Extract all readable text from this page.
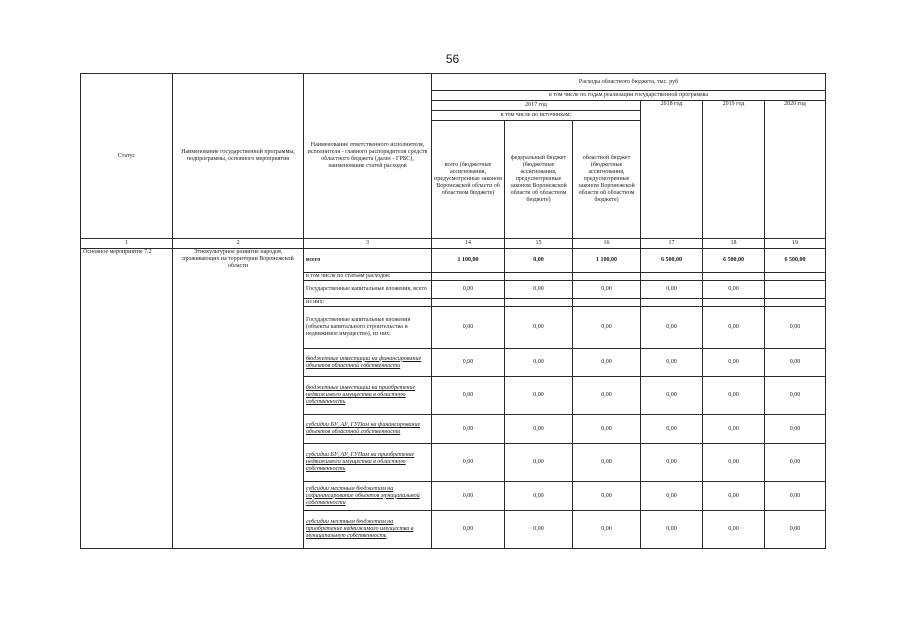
56
Статус	Наименование государственной программы, подпрограммы, основного мероприятия	Наименование ответственного исполнителя, исполнителя - главного распорядителя средств областного бюджета (далее - ГРБС), наименование статей расходов	Расходы областного бюджета, тыс. руб					
			в том числе по годам реализации государственной программы					
			2017 год			2018 год	2019 год	2020 год
			в том числе по источникам:					
			всего (бюджетные ассигнования, предусмотренные законом Воронежской области об областном бюджете)	федеральный бюджет (бюджетные ассигнования, предусмотренные законом Воронежской области об областном бюджете)	областной бюджет (бюджетные ассигнования, предусмотренные законом Воронежской области об областном бюджете)			
1	2	3	14	15	16	17	18	19
Основное мероприятие 7.2	Этнокультурное развитие народов, проживающих на территории Воронежской области	всего	1 100,00	0,00	1 100,00	6 500,00	6 500,00	6 500,00
		в том числе по статьям расходов:						
		Государственные капитальные вложения, всего	0,00	0,00	0,00	0,00	0,00	
		из них:						
		Государственные капитальные вложения (объекты капитального строительства и недвижимое имущество), из них:	0,00	0,00	0,00	0,00	0,00	0,00
		бюджетные инвестиции на финансирование объектов областной собственности	0,00	0,00	0,00	0,00	0,00	0,00
		бюджетные инвестиции на приобретение недвижимого имущества в областную собственность	0,00	0,00	0,00	0,00	0,00	0,00
		субсидии БУ, АУ, ГУПам на финансирование объектов областной собственности	0,00	0,00	0,00	0,00	0,00	0,00
		субсидии БУ, АУ, ГУПам на приобретение недвижимого имущества в областную собственность	0,00	0,00	0,00	0,00	0,00	0,00
		субсидии местным бюджетам на софинансирование объектов муниципальной собственности	0,00	0,00	0,00	0,00	0,00	0,00
		субсидии местным бюджетам на приобретение недвижимого имущества в муниципальную собственность	0,00	0,00	0,00	0,00	0,00	0,00
